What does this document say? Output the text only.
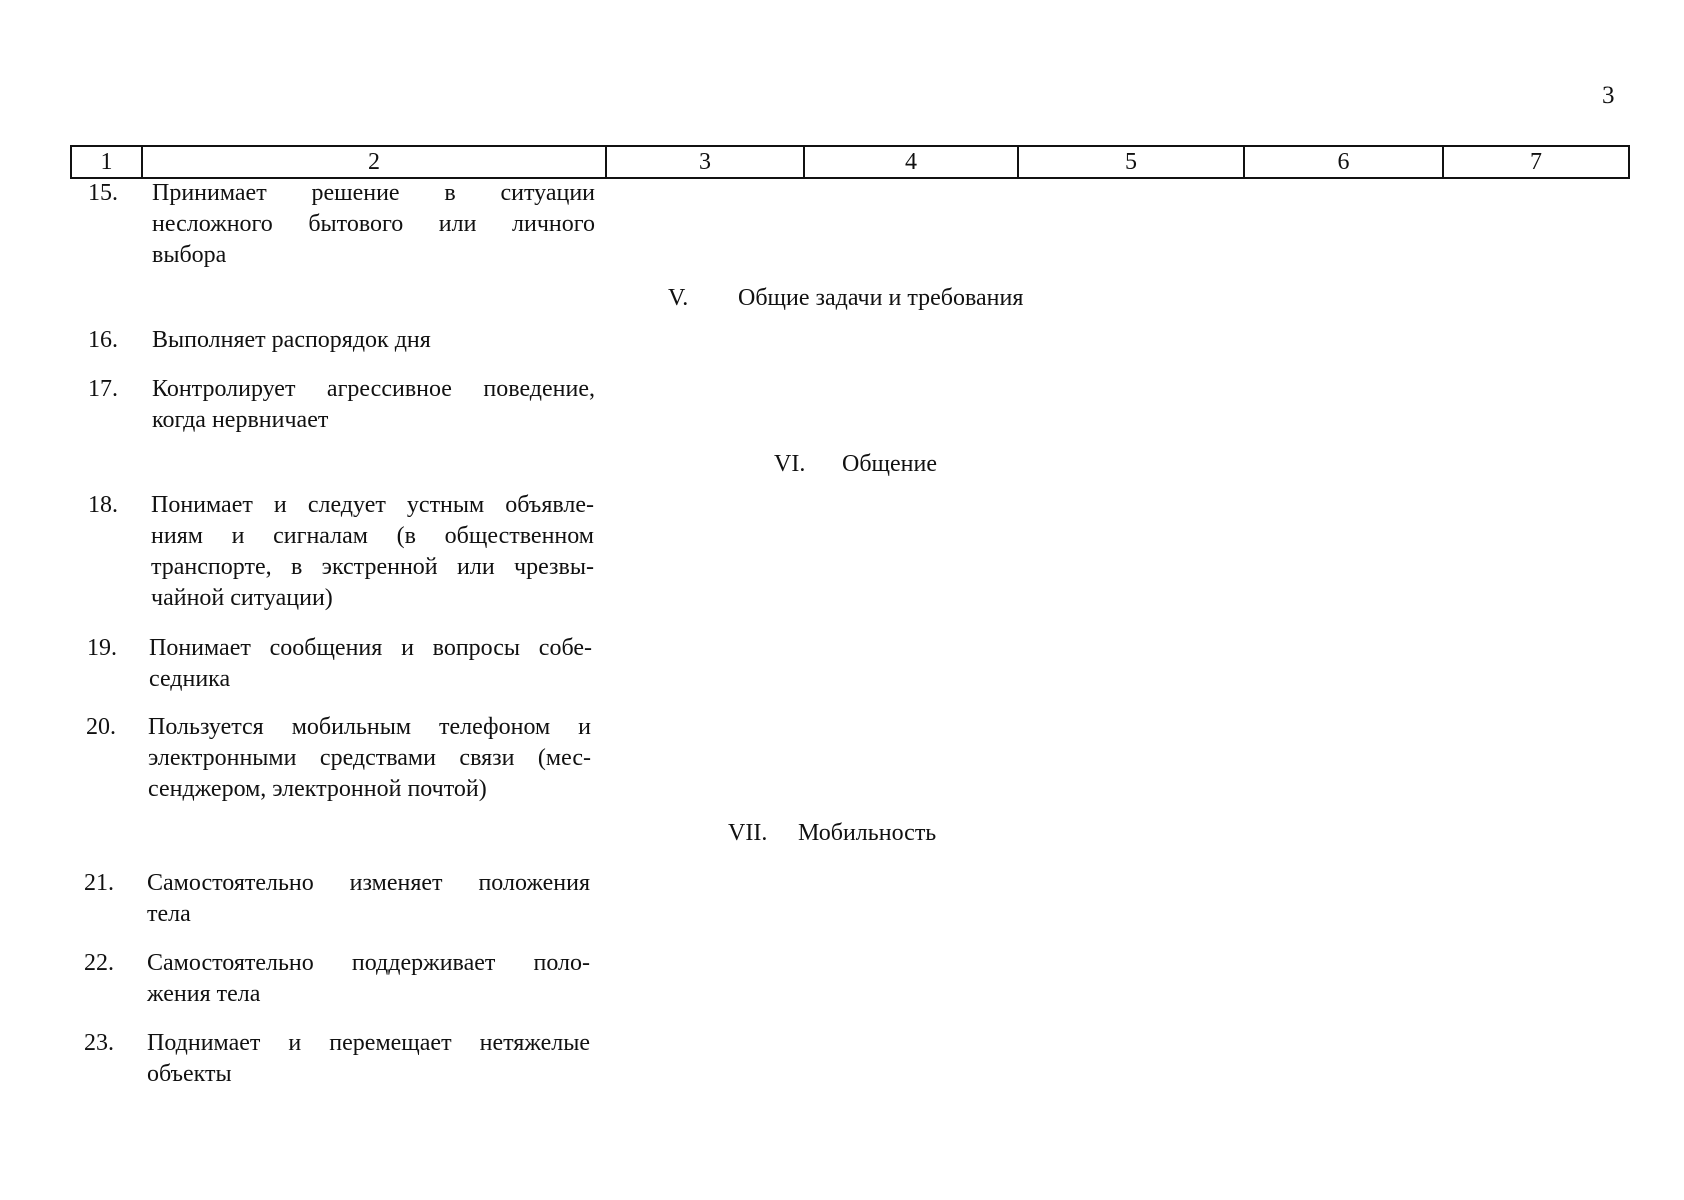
3
1	2	3	4	5	6	7
15.	Принимает решение в ситуации
несложного бытового или личного
выбора
V. Общие задачи и требования
16.	Выполняет распорядок дня
17.	Контролирует агрессивное поведение,
когда нервничает
VI. Общение
18.	Понимает и следует устным объявле-
ниям и сигналам (в общественном
транспорте, в экстренной или чрезвы-
чайной ситуации)
19.	Понимает сообщения и вопросы собе-
седника
20.	Пользуется мобильным телефоном и
электронными средствами связи (мес-
сенджером, электронной почтой)
VII. Мобильность
21.	Самостоятельно изменяет положения
тела
22.	Самостоятельно поддерживает поло-
жения тела
23.	Поднимает и перемещает нетяжелые
объекты
